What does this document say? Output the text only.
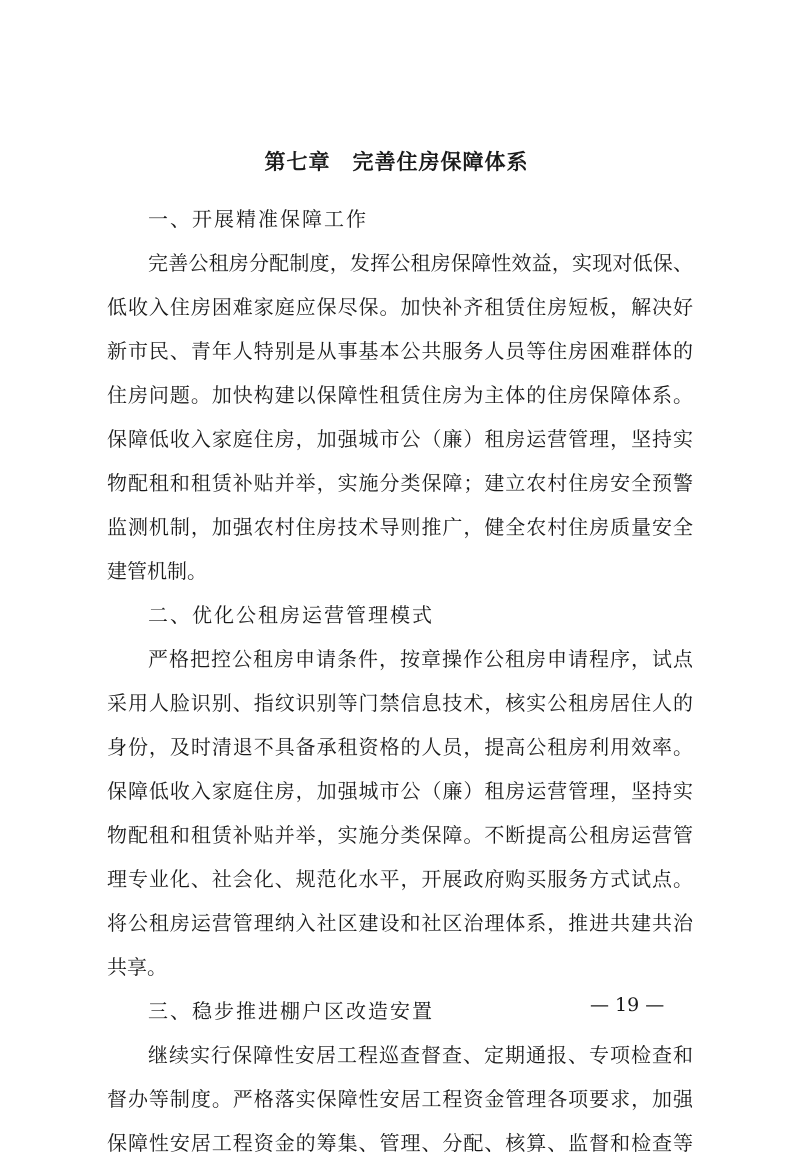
第七章　完善住房保障体系
一、开展精准保障工作
完善公租房分配制度，发挥公租房保障性效益，实现对低保、
低收入住房困难家庭应保尽保。加快补齐租赁住房短板，解决好
新市民、青年人特别是从事基本公共服务人员等住房困难群体的
住房问题。加快构建以保障性租赁住房为主体的住房保障体系。
保障低收入家庭住房，加强城市公（廉）租房运营管理，坚持实
物配租和租赁补贴并举，实施分类保障；建立农村住房安全预警
监测机制，加强农村住房技术导则推广，健全农村住房质量安全
建管机制。
二、优化公租房运营管理模式
严格把控公租房申请条件，按章操作公租房申请程序，试点
采用人脸识别、指纹识别等门禁信息技术，核实公租房居住人的
身份，及时清退不具备承租资格的人员，提高公租房利用效率。
保障低收入家庭住房，加强城市公（廉）租房运营管理，坚持实
物配租和租赁补贴并举，实施分类保障。不断提高公租房运营管
理专业化、社会化、规范化水平，开展政府购买服务方式试点。
将公租房运营管理纳入社区建设和社区治理体系，推进共建共治
共享。
三、稳步推进棚户区改造安置
继续实行保障性安居工程巡查督查、定期通报、专项检查和
督办等制度。严格落实保障性安居工程资金管理各项要求，加强
保障性安居工程资金的筹集、管理、分配、核算、监督和检查等
— 19 —
